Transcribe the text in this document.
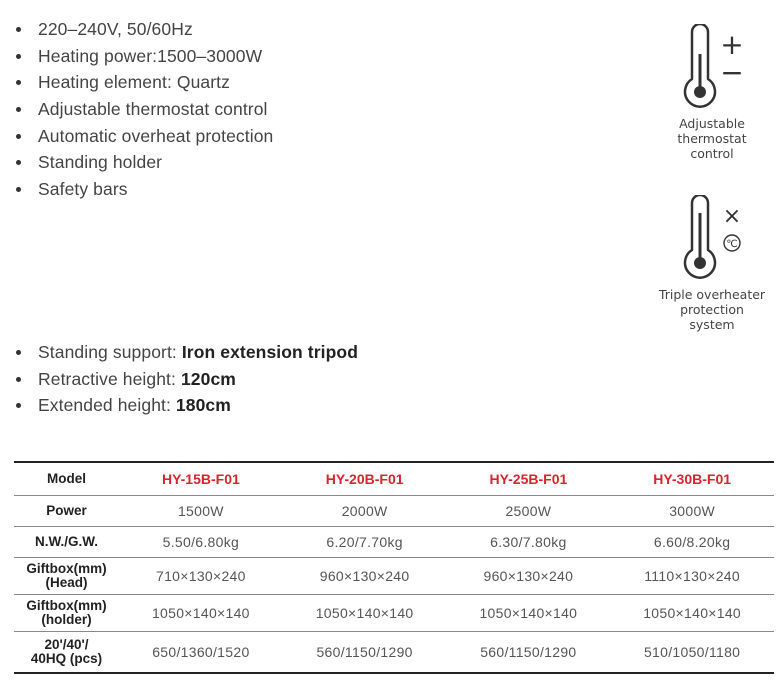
220–240V, 50/60Hz
Heating power:1500–3000W
Heating element: Quartz
Adjustable thermostat control
Automatic overheat protection
Standing holder
Safety bars
+
−
Adjustable
thermostat
control
×
℃
Triple overheater
protection
system
Standing support: Iron extension tripod
Retractive height: 120cm
Extended height: 180cm
Model	HY-15B-F01	HY-20B-F01	HY-25B-F01	HY-30B-F01

Power	1500W	2000W	2500W	3000W

N.W./G.W.	5.50/6.80kg	6.20/7.70kg	6.30/7.80kg	6.60/8.20kg

Giftbox(mm)
(Head)	710×130×240	960×130×240	960×130×240	1110×130×240

Giftbox(mm)
(holder)	1050×140×140	1050×140×140	1050×140×140	1050×140×140

20'/40'/
40HQ (pcs)	650/1360/1520	560/1150/1290	560/1150/1290	510/1050/1180
